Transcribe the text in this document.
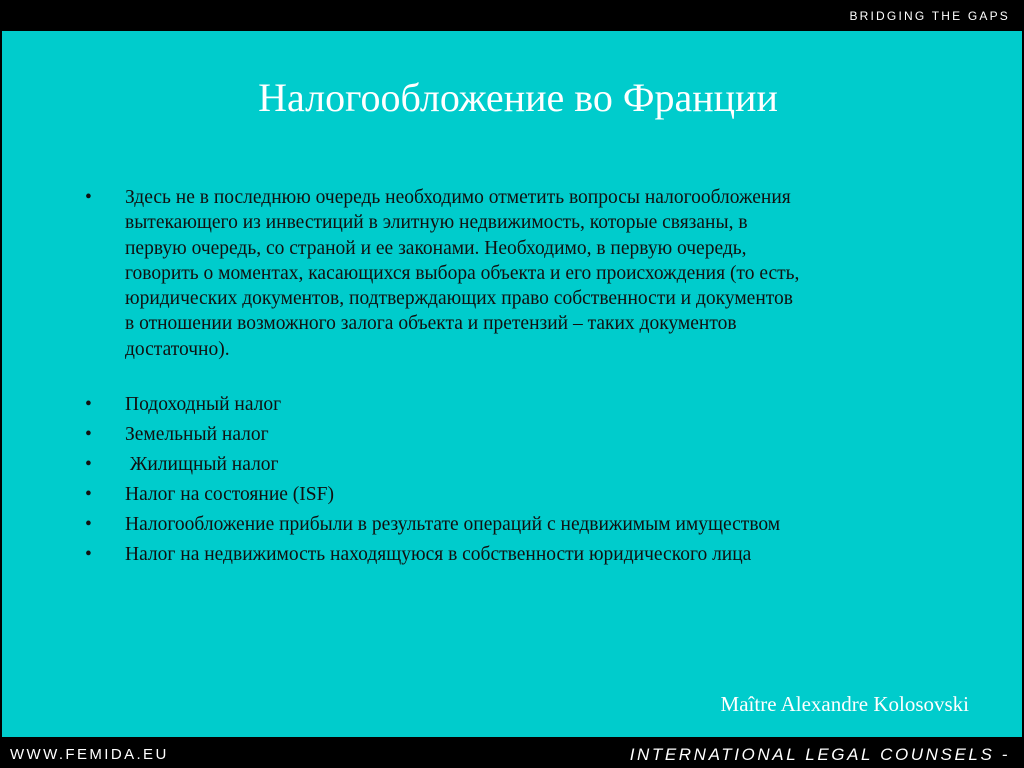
BRIDGING THE GAPS
Налогообложение во Франции
• Здесь не в последнюю очередь необходимо отметить вопросы налогообложения
вытекающего из инвестиций в элитную недвижимость, которые связаны, в
первую очередь, со страной и ее законами. Необходимо, в первую очередь,
говорить о моментах, касающихся выбора объекта и его происхождения (то есть,
юридических документов, подтверждающих право собственности и документов
в отношении возможного залога объекта и претензий – таких документов
достаточно).
• Подоходный налог
• Земельный налог
• Жилищный налог
• Налог на состояние (ISF)
• Налогообложение прибыли в результате операций с недвижимым имуществом
• Налог на недвижимость находящуюся в собственности юридического лица
Maître Alexandre Kolosovski
WWW.FEMIDA.EU	INTERNATIONAL LEGAL COUNSELS -
